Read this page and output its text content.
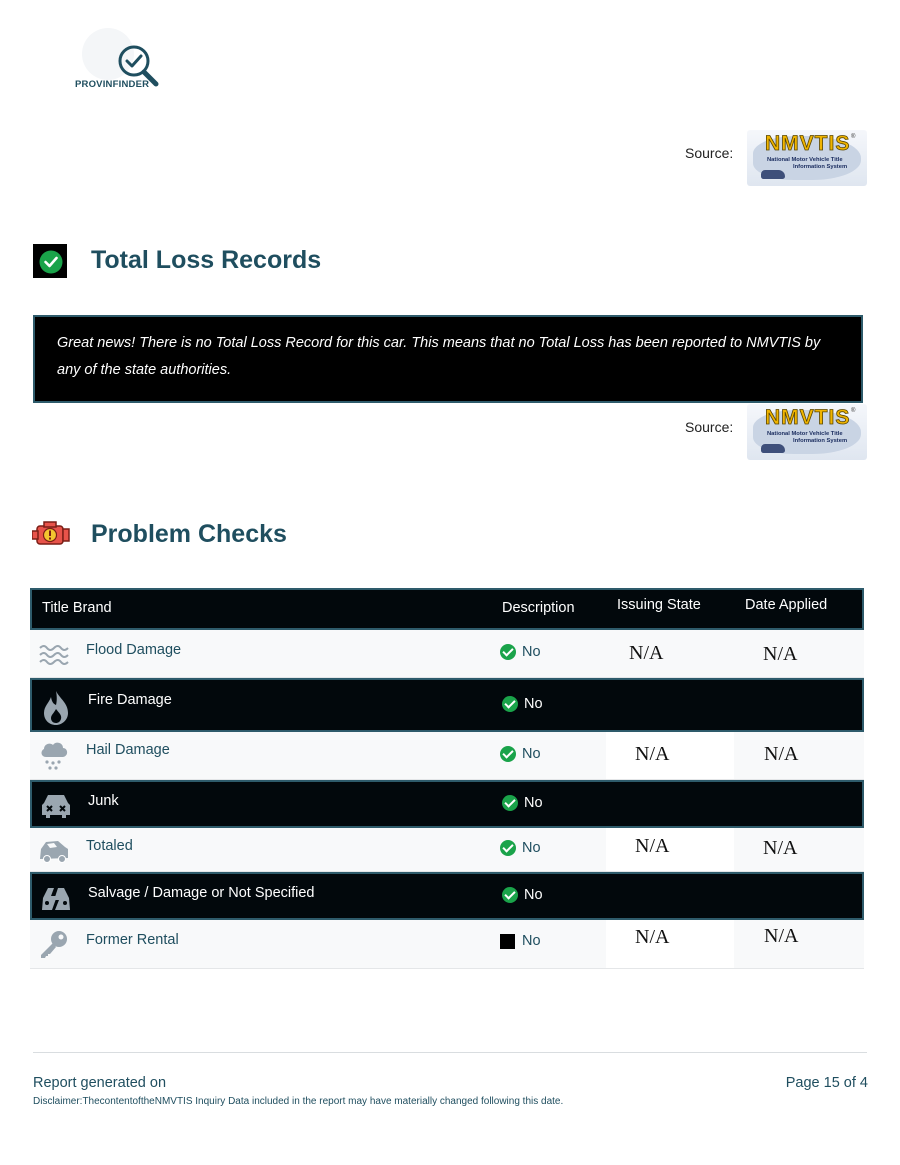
PROVINFINDER
Source: NMVTIS ®
National Motor Vehicle Title
Information System
Total Loss Records
Great news! There is no Total Loss Record for this car. This means that no Total Loss has been reported to NMVTIS by any of the state authorities.
Source: NMVTIS ®
National Motor Vehicle Title
Information System
Problem Checks
Title Brand	Description	Issuing State	Date Applied
Flood Damage	No	N/A	N/A
Fire Damage	No
Hail Damage	No	N/A	N/A
Junk	No
Totaled	No	N/A	N/A
Salvage / Damage or Not Specified	No
Former Rental	No	N/A	N/A
Report generated on	Page 15 of 4
Disclaimer:ThecontentoftheNMVTIS Inquiry Data included in the report may have materially changed following this date.
